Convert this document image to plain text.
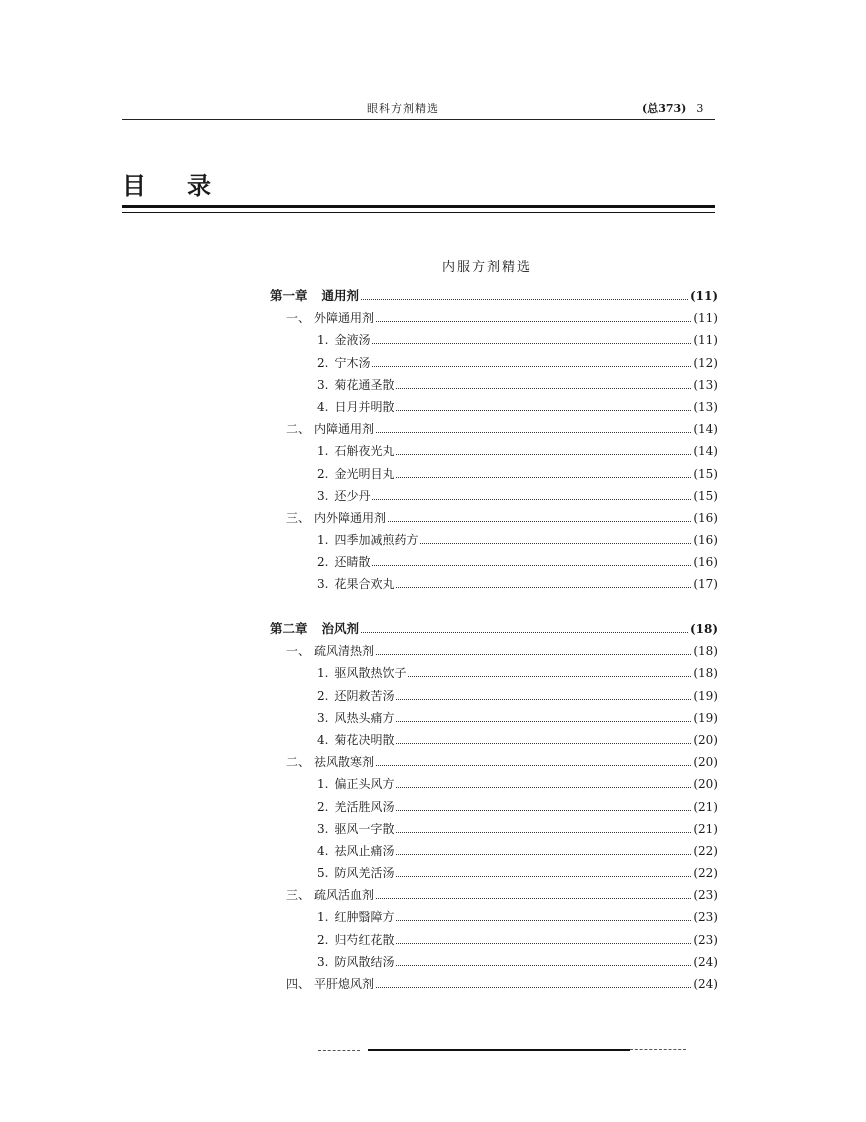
眼科方剂精选	(总373) 3
目录
内服方剂精选
第一章 通用剂	(11)
一、 外障通用剂	(11)
1. 金液汤	(11)
2. 宁木汤	(12)
3. 菊花通圣散	(13)
4. 日月并明散	(13)
二、 内障通用剂	(14)
1. 石斛夜光丸	(14)
2. 金光明目丸	(15)
3. 还少丹	(15)
三、 内外障通用剂	(16)
1. 四季加减煎药方	(16)
2. 还睛散	(16)
3. 花果合欢丸	(17)
第二章 治风剂	(18)
一、 疏风清热剂	(18)
1. 驱风散热饮子	(18)
2. 还阴救苦汤	(19)
3. 风热头痛方	(19)
4. 菊花决明散	(20)
二、 祛风散寒剂	(20)
1. 偏正头风方	(20)
2. 羌活胜风汤	(21)
3. 驱风一字散	(21)
4. 祛风止痛汤	(22)
5. 防风羌活汤	(22)
三、 疏风活血剂	(23)
1. 红肿翳障方	(23)
2. 归芍红花散	(23)
3. 防风散结汤	(24)
四、 平肝熄风剂	(24)
